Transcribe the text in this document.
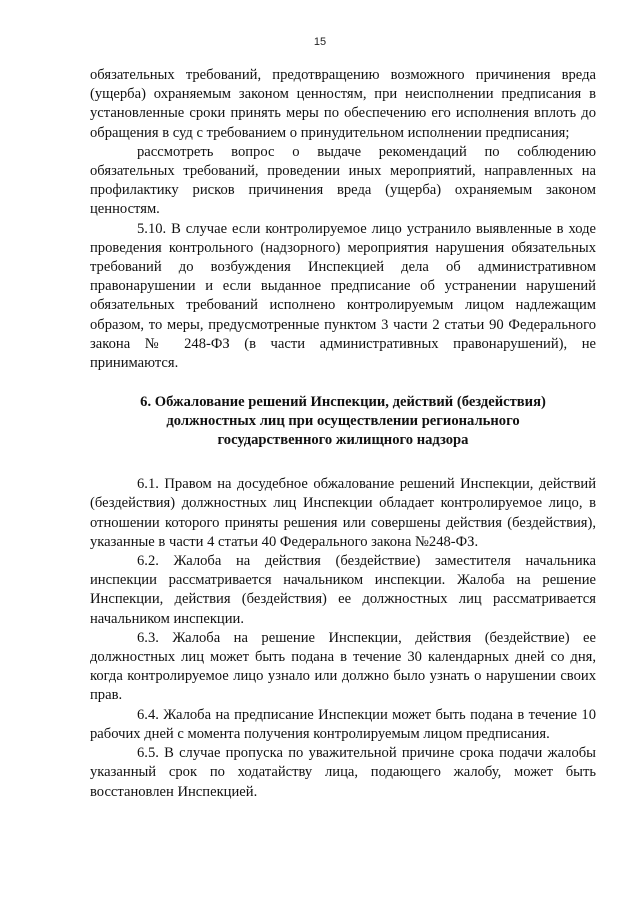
15

обязательных требований, предотвращению возможного причинения вреда (ущерба) охраняемым законом ценностям, при неисполнении предписания в установленные сроки принять меры по обеспечению его исполнения вплоть до обращения в суд с требованием о принудительном исполнении предписания;

рассмотреть вопрос о выдаче рекомендаций по соблюдению обязательных требований, проведении иных мероприятий, направленных на профилактику рисков причинения вреда (ущерба) охраняемым законом ценностям.

5.10. В случае если контролируемое лицо устранило выявленные в ходе проведения контрольного (надзорного) мероприятия нарушения обязательных требований до возбуждения Инспекцией дела об административном правонарушении и если выданное предписание об устранении нарушений обязательных требований исполнено контролируемым лицом надлежащим образом, то меры, предусмотренные пунктом 3 части 2 статьи 90 Федерального закона № 248-ФЗ (в части административных правонарушений), не принимаются.

6. Обжалование решений Инспекции, действий (бездействия) должностных лиц при осуществлении регионального государственного жилищного надзора

6.1. Правом на досудебное обжалование решений Инспекции, действий (бездействия) должностных лиц Инспекции обладает контролируемое лицо, в отношении которого приняты решения или совершены действия (бездействия), указанные в части 4 статьи 40 Федерального закона №248-ФЗ.

6.2. Жалоба на действия (бездействие) заместителя начальника инспекции рассматривается начальником инспекции. Жалоба на решение Инспекции, действия (бездействия) ее должностных лиц рассматривается начальником инспекции.

6.3. Жалоба на решение Инспекции, действия (бездействие) ее должностных лиц может быть подана в течение 30 календарных дней со дня, когда контролируемое лицо узнало или должно было узнать о нарушении своих прав.

6.4. Жалоба на предписание Инспекции может быть подана в течение 10 рабочих дней с момента получения контролируемым лицом предписания.

6.5. В случае пропуска по уважительной причине срока подачи жалобы указанный срок по ходатайству лица, подающего жалобу, может быть восстановлен Инспекцией.
